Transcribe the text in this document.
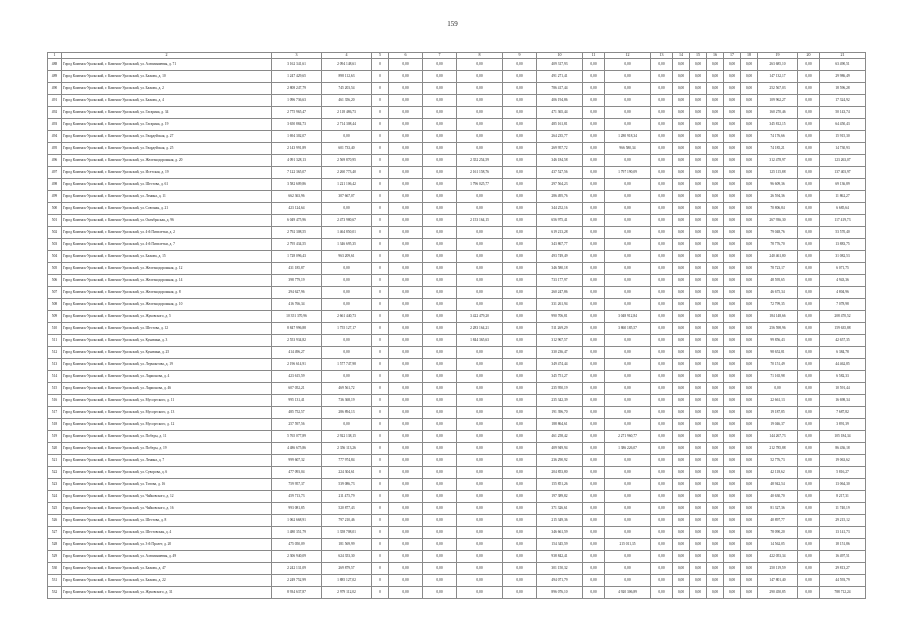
159
1	2	3	4	5	6	7	8	9	10	11	12	13	14	15	16	17	18	19	20	21
488	Город Каменск-Уральский, г. Каменск-Уральский, ул. Алюминиевая, д. 71	3 162 341,61	2 094 148,61	0	0,00	0,00	0,00	0,00	409 317,93	0,00	0,00	0,00	0,00	0,00	0,00	0,00	0,00	263 685,10	0,00	63 490,51
489	Город Каменск-Уральский, г. Каменск-Уральский, ул. Бажова, д. 10	1 247 429,65	898 112,63	0	0,00	0,00	0,00	0,00	491 271,41	0,00	0,00	0,00	0,00	0,00	0,00	0,00	0,00	147 132,17	0,00	29 986,49
490	Город Каменск-Уральский, г. Каменск-Уральский, ул. Бажова, д. 2	2 808 247,79	745 203,54	0	0,00	0,00	0,00	0,00	786 417,44	0,00	0,00	0,00	0,00	0,00	0,00	0,00	0,00	252 567,03	0,00	18 596,28
491	Город Каменск-Уральский, г. Каменск-Уральский, ул. Бажова, д. 4	1 096 736,63	461 356,20	0	0,00	0,00	0,00	0,00	406 194,86	0,00	0,00	0,00	0,00	0,00	0,00	0,00	0,00	109 962,27	0,00	17 324,92
492	Город Каменск-Уральский, г. Каменск-Уральский, ул. Гагарина, д. 34	2 775 965,47	2 118 486,73	0	0,00	0,00	0,00	0,00	471 365,44	0,00	0,00	0,00	0,00	0,00	0,00	0,00	0,00	160 270,46	0,00	50 143,74
493	Город Каменск-Уральский, г. Каменск-Уральский, ул. Гагарина, д. 19	3 650 884,73	2 714 308,44	0	0,00	0,00	0,00	0,00	485 161,81	0,00	0,00	0,00	0,00	0,00	0,00	0,00	0,00	345 812,15	0,00	64 450,43
494	Город Каменск-Уральский, г. Каменск-Уральский, ул. Гвардейская, д. 27	1 694 302,07	0,00	0	0,00	0,00	0,00	0,00	264 235,77	0,00	1 280 918,34	0,00	0,00	0,00	0,00	0,00	0,00	74 176,66	0,00	15 915,30
495	Город Каменск-Уральский, г. Каменск-Уральский, ул. Гвардейская, д. 25	2 143 991,89	601 733,40	0	0,00	0,00	0,00	0,00	269 957,72	0,00	966 580,34	0,00	0,00	0,00	0,00	0,00	0,00	74 185,21	0,00	14 730,93
496	Город Каменск-Уральский, г. Каменск-Уральский, ул. Железнодорожная, д. 20	4 091 328,13	2 569 870,95	0	0,00	0,00	2 352 254,59	0,00	346 184,58	0,00	0,00	0,00	0,00	0,00	0,00	0,00	0,00	312 478,97	0,00	123 263,07
497	Город Каменск-Уральский, г. Каменск-Уральский, ул. Исетская, д. 19	7 122 365,07	2 260 773,40	0	0,00	0,00	2 161 158,76	0,00	437 527,56	0,00	1 797 190,09	0,00	0,00	0,00	0,00	0,00	0,00	125 115,88	0,00	137 403,97
498	Город Каменск-Уральский, г. Каменск-Уральский, ул. Шестова, д. 61	3 582 609,86	1 221 106,42	0	0,00	0,00	1 796 025,77	0,00	297 564,23	0,00	0,00	0,00	0,00	0,00	0,00	0,00	0,00	96 609,36	0,00	69 136,89
499	Город Каменск-Уральский, г. Каменск-Уральский, ул. Ленина, д. 11	662 363,96	307 667,07	0	0,00	0,00	0,00	0,00	286 495,76	0,00	0,00	0,00	0,00	0,00	0,00	0,00	0,00	26 594,36	0,00	11 862,27
500	Город Каменск-Уральский, г. Каменск-Уральский, ул. Союзная, д. 21	423 124,64	0,00	0	0,00	0,00	0,00	0,00	344 252,16	0,00	0,00	0,00	0,00	0,00	0,00	0,00	0,00	70 806,84	0,00	6 685,64
501	Город Каменск-Уральский, г. Каменск-Уральский, ул. Октябрьская, д. 96	6 049 475,96	2 473 980,67	0	0,00	0,00	2 153 164,15	0,00	656 975,41	0,00	0,00	0,00	0,00	0,00	0,00	0,00	0,00	267 936,30	0,00	117 419,73
502	Город Каменск-Уральский, г. Каменск-Уральский, ул. 4-й Пятилетки, д. 2	2 792 308,55	1 464 850,01	0	0,00	0,00	0,00	0,00	619 213,28	0,00	0,00	0,00	0,00	0,00	0,00	0,00	0,00	79 048,76	0,00	53 570,40
503	Город Каменск-Уральский, г. Каменск-Уральский, ул. 4-й Пятилетки, д. 7	2 795 434,55	1 346 695,35	0	0,00	0,00	0,00	0,00	343 867,77	0,00	0,00	0,00	0,00	0,00	0,00	0,00	0,00	78 776,70	0,00	13 883,75
504	Город Каменск-Уральский, г. Каменск-Уральский, ул. Бажова, д. 15	1 728 096,43	963 209,61	0	0,00	0,00	0,00	0,00	493 749,49	0,00	0,00	0,00	0,00	0,00	0,00	0,00	0,00	240 461,80	0,00	31 082,53
505	Город Каменск-Уральский, г. Каменск-Уральский, ул. Железнодорожная, д. 12	431 185,87	0,00	0	0,00	0,00	0,00	0,00	346 580,18	0,00	0,00	0,00	0,00	0,00	0,00	0,00	0,00	78 723,17	0,00	6 071,75
506	Город Каменск-Уральский, г. Каменск-Уральский, ул. Железнодорожная, д. 14	398 779,19	0,00	0	0,00	0,00	0,00	0,00	733 177,97	0,00	0,00	0,00	0,00	0,00	0,00	0,00	0,00	48 595,65	0,00	4 943,36
507	Город Каменск-Уральский, г. Каменск-Уральский, ул. Железнодорожная, д. 8	294 627,96	0,00	0	0,00	0,00	0,00	0,00	260 247,86	0,00	0,00	0,00	0,00	0,00	0,00	0,00	0,00	46 675,34	0,00	4 804,96
508	Город Каменск-Уральский, г. Каменск-Уральский, ул. Железнодорожная, д. 10	416 766,34	0,00	0	0,00	0,00	0,00	0,00	331 261,94	0,00	0,00	0,00	0,00	0,00	0,00	0,00	0,00	72 799,35	0,00	7 078,98
509	Город Каменск-Уральский, г. Каменск-Уральский, ул. Жуковского, д. 5	10 351 370,96	2 661 440,73	0	0,00	0,00	3 422 479,20	0,00	990 706,81	0,00	3 048 912,84	0,00	0,00	0,00	0,00	0,00	0,00	184 148,66	0,00	208 470,52
510	Город Каменск-Уральский, г. Каменск-Уральский, ул. Шестова, д. 12	8 847 996,88	1 755 127,17	0	0,00	0,00	2 283 164,21	0,00	511 269,29	0,00	3 860 185,57	0,00	0,00	0,00	0,00	0,00	0,00	256 598,96	0,00	159 635,88
511	Город Каменск-Уральский, г. Каменск-Уральский, ул. Кунавина, д. 3	2 553 934,82	0,00	0	0,00	0,00	1 844 365,63	0,00	312 967,57	0,00	0,00	0,00	0,00	0,00	0,00	0,00	0,00	99 856,43	0,00	42 657,35
512	Город Каменск-Уральский, г. Каменск-Уральский, ул. Кунавина, д. 25	414 496,27	0,00	0	0,00	0,00	0,00	0,00	330 236,47	0,00	0,00	0,00	0,00	0,00	0,00	0,00	0,00	98 652,81	0,00	6 384,78
513	Город Каменск-Уральский, г. Каменск-Уральский, ул. Лермонтова, д. 19	2 196 614,91	1 577 747,98	0	0,00	0,00	0,00	0,00	349 474,44	0,00	0,00	0,00	0,00	0,00	0,00	0,00	0,00	70 151,49	0,00	44 462,85
514	Город Каменск-Уральский, г. Каменск-Уральский, ул. Ларионова, д. 4	423 615,59	0,00	0	0,00	0,00	0,00	0,00	345 751,27	0,00	0,00	0,00	0,00	0,00	0,00	0,00	0,00	71 165,98	0,00	6 582,33
515	Город Каменск-Уральский, г. Каменск-Уральский, ул. Ларионова, д. 46	607 052,21	469 561,72	0	0,00	0,00	0,00	0,00	235 950,19	0,00	0,00	0,00	0,00	0,00	0,00	0,00	0,00	0,00	0,00	10 591,44
516	Город Каменск-Уральский, г. Каменск-Уральский, ул. Мусоргского, д. 11	995 131,41	736 368,19	0	0,00	0,00	0,00	0,00	235 342,39	0,00	0,00	0,00	0,00	0,00	0,00	0,00	0,00	22 661,13	0,00	16 698,34
517	Город Каменск-Уральский, г. Каменск-Уральский, ул. Мусоргского, д. 13	485 752,57	286 894,13	0	0,00	0,00	0,00	0,00	191 396,70	0,00	0,00	0,00	0,00	0,00	0,00	0,00	0,00	19 187,85	0,00	7 687,82
518	Город Каменск-Уральский, г. Каменск-Уральский, ул. Мусоргского, д. 12	257 597,56	0,00	0	0,00	0,00	0,00	0,00	188 864,61	0,00	0,00	0,00	0,00	0,00	0,00	0,00	0,00	19 046,37	0,00	3 891,39
519	Город Каменск-Уральский, г. Каменск-Уральский, ул. Победы, д. 11	5 765 077,89	2 922 138,15	0	0,00	0,00	0,00	0,00	461 258,42	0,00	2 271 960,77	0,00	0,00	0,00	0,00	0,00	0,00	144 267,73	0,00	105 184,34
520	Город Каменск-Уральский, г. Каменск-Уральский, ул. Победы, д. 19	4 486 675,86	2 356 113,26	0	0,00	0,00	0,00	0,00	409 949,94	0,00	1 386 226,07	0,00	0,00	0,00	0,00	0,00	0,00	212 785,88	0,00	86 436,18
521	Город Каменск-Уральский, г. Каменск-Уральский, ул. Ленина, д. 7	999 607,32	777 974,84	0	0,00	0,00	0,00	0,00	236 290,92	0,00	0,00	0,00	0,00	0,00	0,00	0,00	0,00	52 776,73	0,00	19 063,62
522	Город Каменск-Уральский, г. Каменск-Уральский, ул. Суворова, д. 6	477 093,04	224 304,61	0	0,00	0,00	0,00	0,00	204 853,80	0,00	0,00	0,00	0,00	0,00	0,00	0,00	0,00	42 118,62	0,00	5 816,27
523	Город Каменск-Уральский, г. Каменск-Уральский, ул. Титова, д. 16	759 957,37	539 086,73	0	0,00	0,00	0,00	0,00	155 851,26	0,00	0,00	0,00	0,00	0,00	0,00	0,00	0,00	48 942,54	0,00	13 064,30
524	Город Каменск-Уральский, г. Каменск-Уральский, ул. Чайковского, д. 12	459 713,73	211 475,79	0	0,00	0,00	0,00	0,00	197 389,82	0,00	0,00	0,00	0,00	0,00	0,00	0,00	0,00	40 630,70	0,00	8 217,31
525	Город Каменск-Уральский, г. Каменск-Уральский, ул. Чайковского, д. 16	993 081,85	520 877,43	0	0,00	0,00	0,00	0,00	371 326,61	0,00	0,00	0,00	0,00	0,00	0,00	0,00	0,00	81 327,36	0,00	11 740,19
526	Город Каменск-Уральский, г. Каменск-Уральский, ул. Шестова, д. 8	1 062 668,91	797 210,46	0	0,00	0,00	0,00	0,00	215 349,36	0,00	0,00	0,00	0,00	0,00	0,00	0,00	0,00	40 897,77	0,00	29 215,12
527	Город Каменск-Уральский, г. Каменск-Уральский, ул. Шестовская, д. 4	1 480 351,79	1 358 708,01	0	0,00	0,00	0,00	0,00	346 661,59	0,00	0,00	0,00	0,00	0,00	0,00	0,00	0,00	78 090,20	0,00	13 141,73
528	Город Каменск-Уральский, г. Каменск-Уральский, ул. 3-й Пролет, д. 20	475 050,09	181 569,99	0	0,00	0,00	0,00	0,00	154 345,59	0,00	215 011,35	0,00	0,00	0,00	0,00	0,00	0,00	14 562,05	0,00	18 151,86
529	Город Каменск-Уральский, г. Каменск-Уральский, ул. Алюминиевая, д. 49	2 306 940,09	624 353,30	0	0,00	0,00	0,00	0,00	938 842,41	0,00	0,00	0,00	0,00	0,00	0,00	0,00	0,00	422 053,34	0,00	16 497,51
530	Город Каменск-Уральский, г. Каменск-Уральский, ул. Бажова, д. 47	2 242 131,09	269 879,57	0	0,00	0,00	0,00	0,00	301 150,32	0,00	0,00	0,00	0,00	0,00	0,00	0,00	0,00	250 119,59	0,00	29 813,27
531	Город Каменск-Уральский, г. Каменск-Уральский, ул. Бажова, д. 22	2 249 752,99	1 885 127,02	0	0,00	0,00	0,00	0,00	494 071,79	0,00	0,00	0,00	0,00	0,00	0,00	0,00	0,00	147 801,40	0,00	44 593,79
532	Город Каменск-Уральский, г. Каменск-Уральский, ул. Жуковского, д. 31	8 934 637,87	2 979 112,02	0	0,00	0,00	0,00	0,00	896 076,10	0,00	4 920 306,89	0,00	0,00	0,00	0,00	0,00	0,00	290 450,85	0,00	788 712,24
